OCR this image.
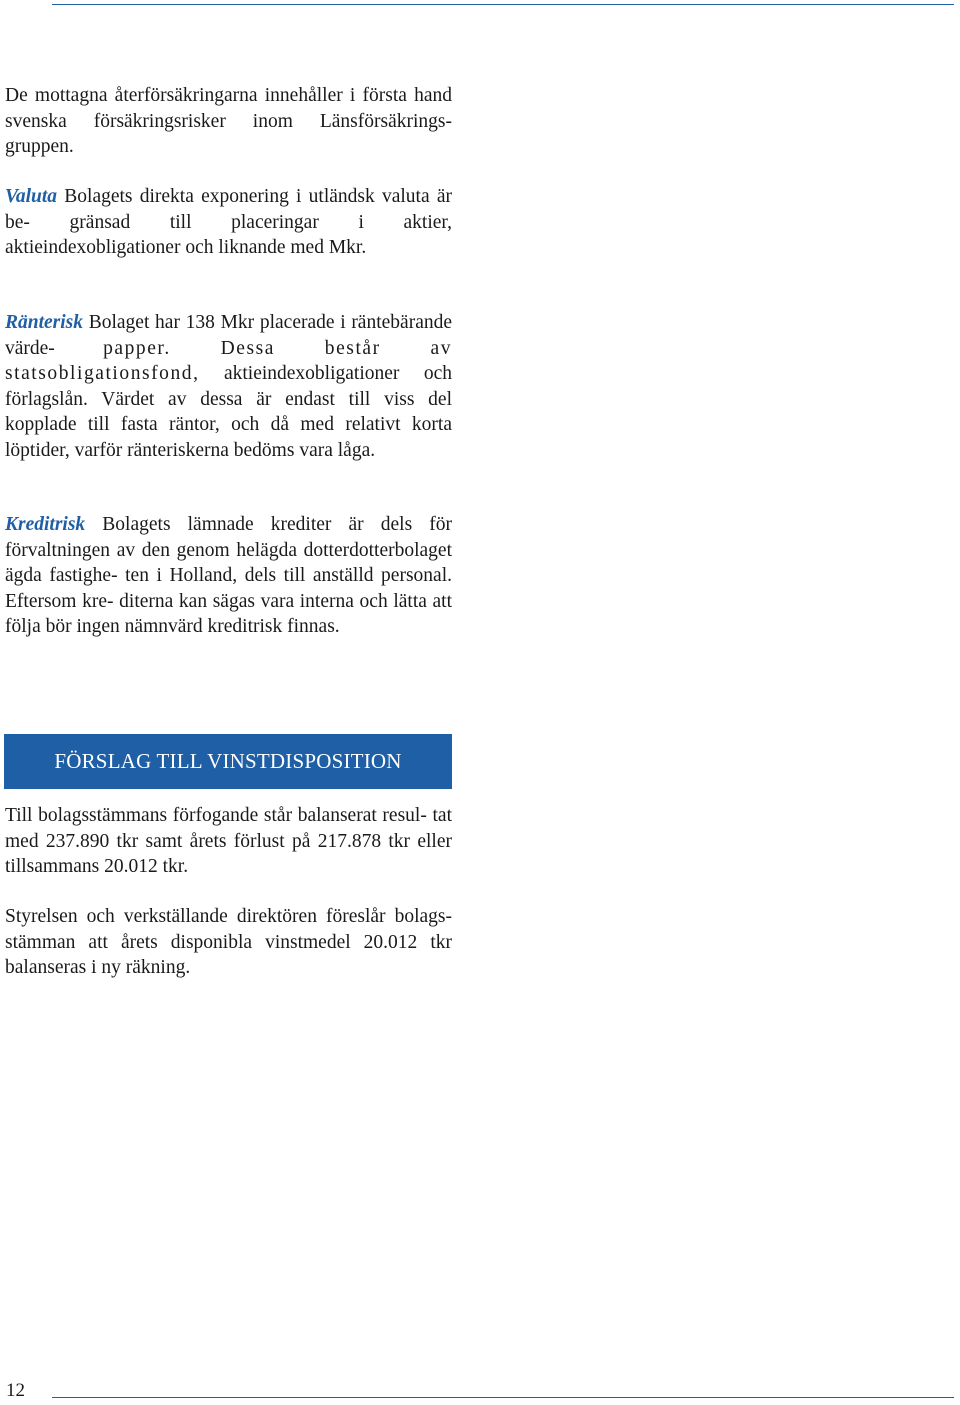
De mottagna återförsäkringarna innehåller i första hand svenska försäkringsrisker inom Länsförsäkrings- gruppen.
Valuta Bolagets direkta exponering i utländsk valuta är be- gränsad till placeringar i aktier, aktieindexobligationer och liknande med Mkr.
Ränterisk Bolaget har 138 Mkr placerade i räntebärande värde- papper. Dessa består av statsobligationsfond, aktieindexobligationer och förlagslån. Värdet av dessa är endast till viss del kopplade till fasta räntor, och då med relativt korta löptider, varför ränteriskerna bedöms vara låga.
Kreditrisk Bolagets lämnade krediter är dels för förvaltningen av den genom helägda dotterdotterbolaget ägda fastighe- ten i Holland, dels till anställd personal. Eftersom kre- diterna kan sägas vara interna och lätta att följa bör ingen nämnvärd kreditrisk finnas.
FÖRSLAG TILL VINSTDISPOSITION
Till bolagsstämmans förfogande står balanserat resul- tat med 237.890 tkr samt årets förlust på 217.878 tkr eller tillsammans 20.012 tkr.
Styrelsen och verkställande direktören föreslår bolags- stämman att årets disponibla vinstmedel 20.012 tkr balanseras i ny räkning.
12
